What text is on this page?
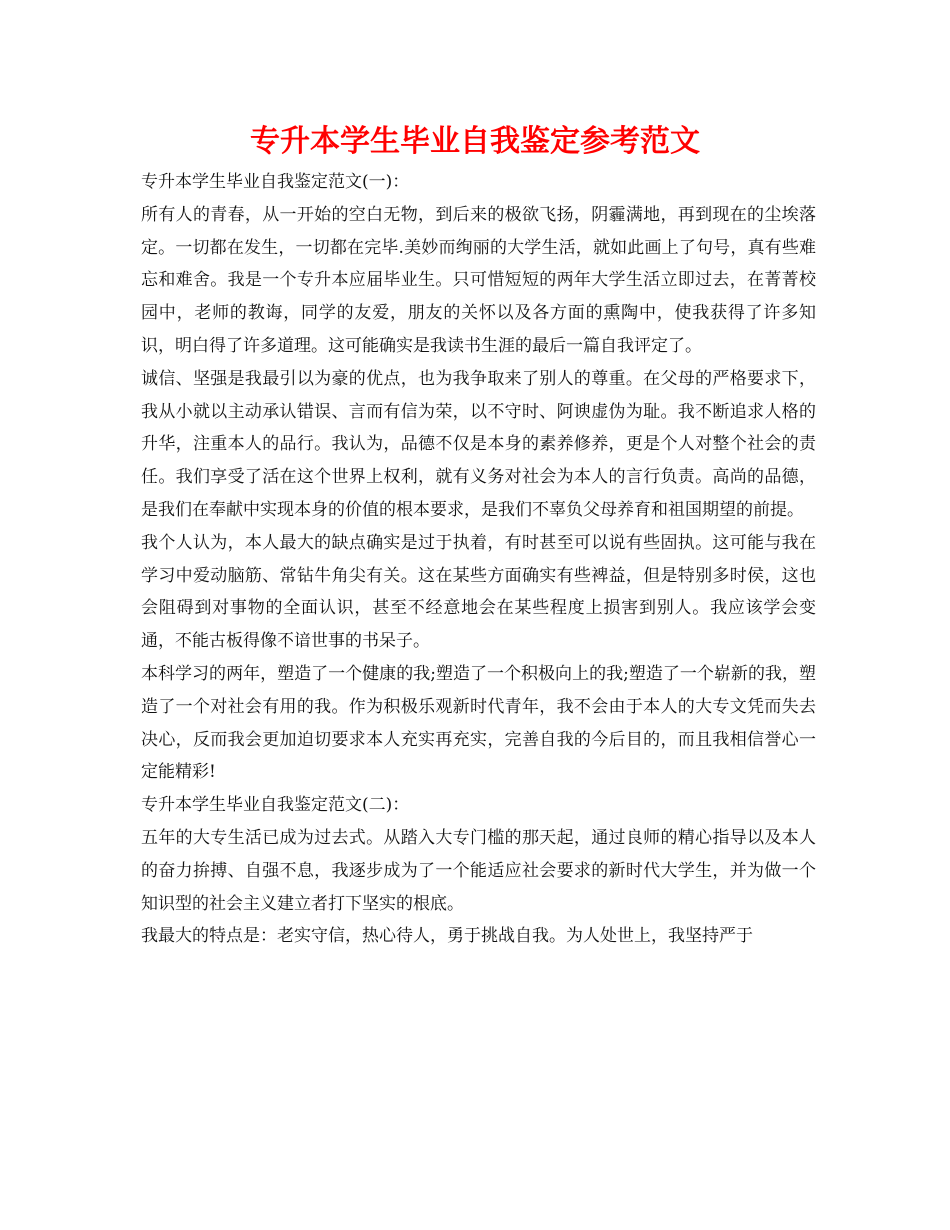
专升本学生毕业自我鉴定参考范文

专升本学生毕业自我鉴定范文(一)：

所有人的青春，从一开始的空白无物，到后来的极欲飞扬，阴霾满地，再到现在的尘埃落定。一切都在发生，一切都在完毕.美妙而绚丽的大学生活，就如此画上了句号，真有些难忘和难舍。我是一个专升本应届毕业生。只可惜短短的两年大学生活立即过去，在菁菁校园中，老师的教诲，同学的友爱，朋友的关怀以及各方面的熏陶中，使我获得了许多知识，明白得了许多道理。这可能确实是我读书生涯的最后一篇自我评定了。

诚信、坚强是我最引以为豪的优点，也为我争取来了别人的尊重。在父母的严格要求下，我从小就以主动承认错误、言而有信为荣，以不守时、阿谀虚伪为耻。我不断追求人格的升华，注重本人的品行。我认为，品德不仅是本身的素养修养，更是个人对整个社会的责任。我们享受了活在这个世界上权利，就有义务对社会为本人的言行负责。高尚的品德，是我们在奉献中实现本身的价值的根本要求，是我们不辜负父母养育和祖国期望的前提。

我个人认为，本人最大的缺点确实是过于执着，有时甚至可以说有些固执。这可能与我在学习中爱动脑筋、常钻牛角尖有关。这在某些方面确实有些裨益，但是特别多时侯，这也会阻碍到对事物的全面认识，甚至不经意地会在某些程度上损害到别人。我应该学会变通，不能古板得像不谙世事的书呆子。

本科学习的两年，塑造了一个健康的我;塑造了一个积极向上的我;塑造了一个崭新的我，塑造了一个对社会有用的我。作为积极乐观新时代青年，我不会由于本人的大专文凭而失去决心，反而我会更加迫切要求本人充实再充实，完善自我的今后目的，而且我相信誉心一定能精彩!

专升本学生毕业自我鉴定范文(二)：

五年的大专生活已成为过去式。从踏入大专门槛的那天起，通过良师的精心指导以及本人的奋力拚搏、自强不息，我逐步成为了一个能适应社会要求的新时代大学生，并为做一个知识型的社会主义建立者打下坚实的根底。

我最大的特点是：老实守信，热心待人，勇于挑战自我。为人处世上，我坚持严于
